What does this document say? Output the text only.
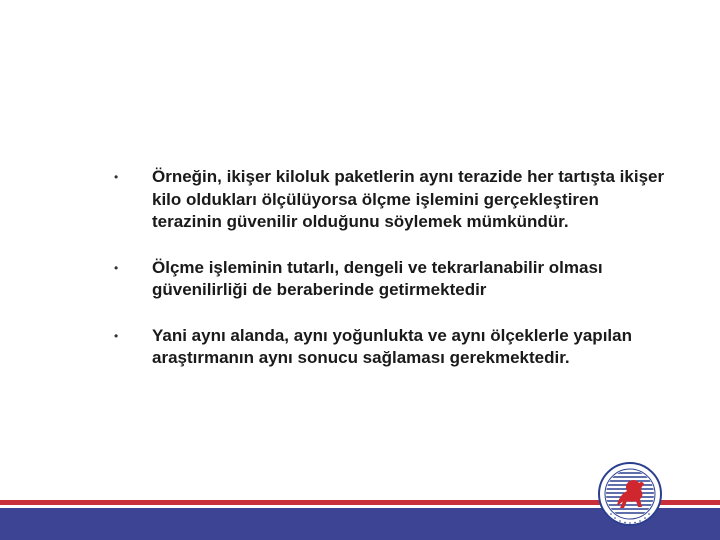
• Örneğin, ikişer kiloluk paketlerin aynı terazide her tartışta ikişer kilo oldukları ölçülüyorsa ölçme işlemini gerçekleştiren terazinin güvenilir olduğunu söylemek mümkündür.
• Ölçme işleminin tutarlı, dengeli ve tekrarlanabilir olması güvenilirliği de beraberinde getirmektedir
• Yani aynı alanda, aynı yoğunlukta ve aynı ölçeklerle yapılan araştırmanın aynı sonucu sağlaması gerekmektedir.
